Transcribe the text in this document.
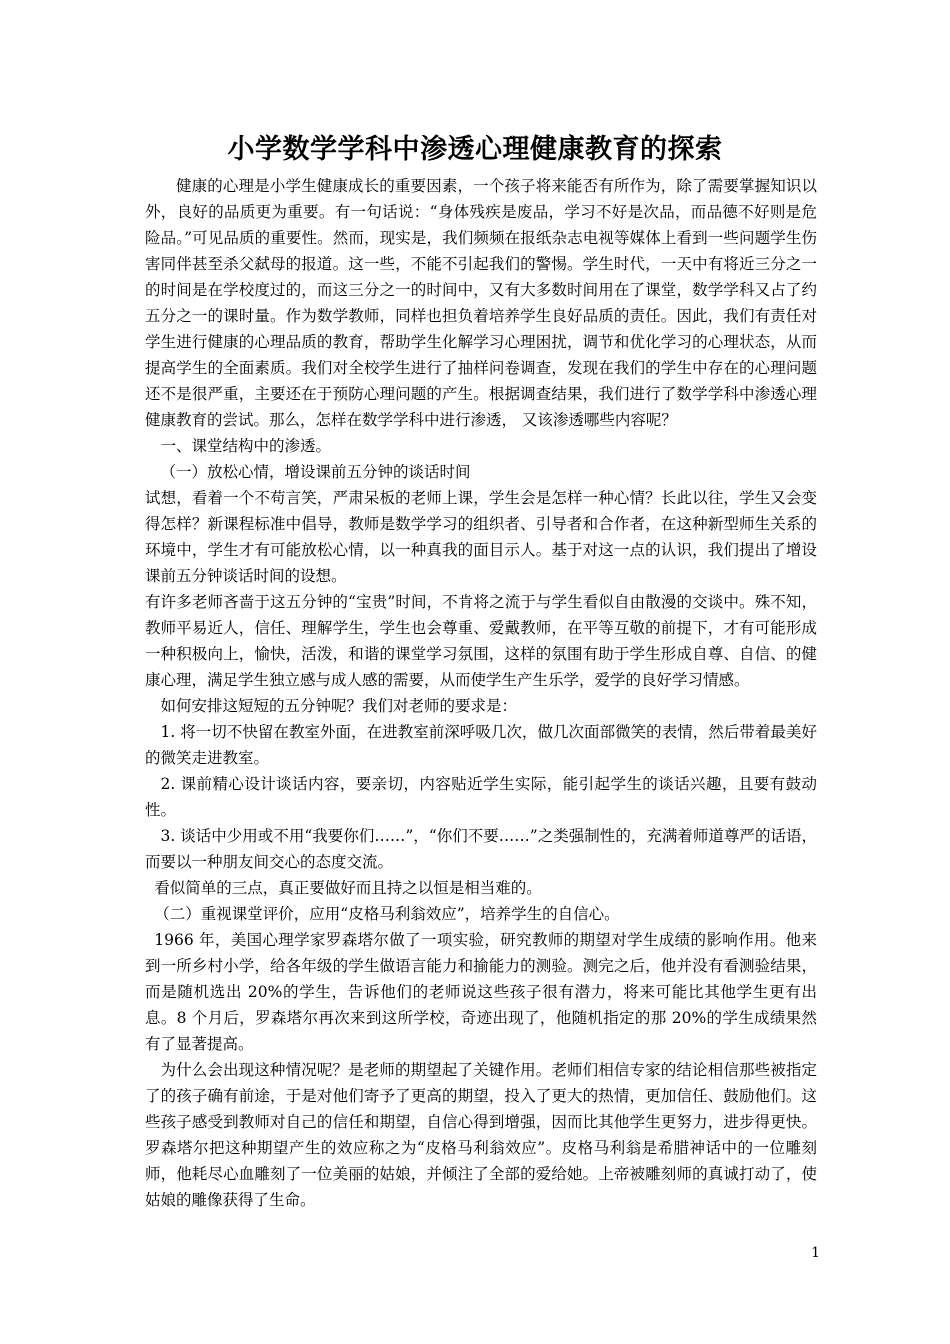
小学数学学科中渗透心理健康教育的探索

健康的心理是小学生健康成长的重要因素，一个孩子将来能否有所作为，除了需要掌握知识以外，良好的品质更为重要。有一句话说：“身体残疾是废品，学习不好是次品，而品德不好则是危险品。”可见品质的重要性。然而，现实是，我们频频在报纸杂志电视等媒体上看到一些问题学生伤害同伴甚至杀父弑母的报道。这一些，不能不引起我们的警惕。学生时代，一天中有将近三分之一的时间是在学校度过的，而这三分之一的时间中，又有大多数时间用在了课堂，数学学科又占了约五分之一的课时量。作为数学教师，同样也担负着培养学生良好品质的责任。因此，我们有责任对学生进行健康的心理品质的教育，帮助学生化解学习心理困扰，调节和优化学习的心理状态，从而提高学生的全面素质。我们对全校学生进行了抽样问卷调查，发现在我们的学生中存在的心理问题还不是很严重，主要还在于预防心理问题的产生。根据调查结果，我们进行了数学学科中渗透心理健康教育的尝试。那么，怎样在数学学科中进行渗透， 又该渗透哪些内容呢？

一、课堂结构中的渗透。

（一）放松心情，增设课前五分钟的谈话时间

试想，看着一个不苟言笑，严肃呆板的老师上课，学生会是怎样一种心情？长此以往，学生又会变得怎样？新课程标准中倡导，教师是数学学习的组织者、引导者和合作者，在这种新型师生关系的环境中，学生才有可能放松心情，以一种真我的面目示人。基于对这一点的认识，我们提出了增设课前五分钟谈话时间的设想。

有许多老师吝啬于这五分钟的“宝贵”时间，不肯将之流于与学生看似自由散漫的交谈中。殊不知，教师平易近人，信任、理解学生，学生也会尊重、爱戴教师，在平等互敬的前提下，才有可能形成一种积极向上，愉快，活泼，和谐的课堂学习氛围，这样的氛围有助于学生形成自尊、自信、的健康心理，满足学生独立感与成人感的需要，从而使学生产生乐学，爱学的良好学习情感。

如何安排这短短的五分钟呢？我们对老师的要求是：

1. 将一切不快留在教室外面，在进教室前深呼吸几次，做几次面部微笑的表情，然后带着最美好的微笑走进教室。

2. 课前精心设计谈话内容，要亲切，内容贴近学生实际，能引起学生的谈话兴趣，且要有鼓动性。

3. 谈话中少用或不用“我要你们……”，“你们不要……”之类强制性的，充满着师道尊严的话语，而要以一种朋友间交心的态度交流。

看似简单的三点，真正要做好而且持之以恒是相当难的。

（二）重视课堂评价，应用“皮格马利翁效应”，培养学生的自信心。

1966 年，美国心理学家罗森塔尔做了一项实验，研究教师的期望对学生成绩的影响作用。他来到一所乡村小学，给各年级的学生做语言能力和揄能力的测验。测完之后，他并没有看测验结果，而是随机选出 20%的学生，告诉他们的老师说这些孩子很有潜力，将来可能比其他学生更有出息。8 个月后，罗森塔尔再次来到这所学校，奇迹出现了，他随机指定的那 20%的学生成绩果然有了显著提高。

为什么会出现这种情况呢？是老师的期望起了关键作用。老师们相信专家的结论相信那些被指定了的孩子确有前途，于是对他们寄予了更高的期望，投入了更大的热情，更加信任、鼓励他们。这些孩子感受到教师对自己的信任和期望，自信心得到增强，因而比其他学生更努力，进步得更快。罗森塔尔把这种期望产生的效应称之为“皮格马利翁效应”。皮格马利翁是希腊神话中的一位雕刻师，他耗尽心血雕刻了一位美丽的姑娘，并倾注了全部的爱给她。上帝被雕刻师的真诚打动了，使姑娘的雕像获得了生命。

1
